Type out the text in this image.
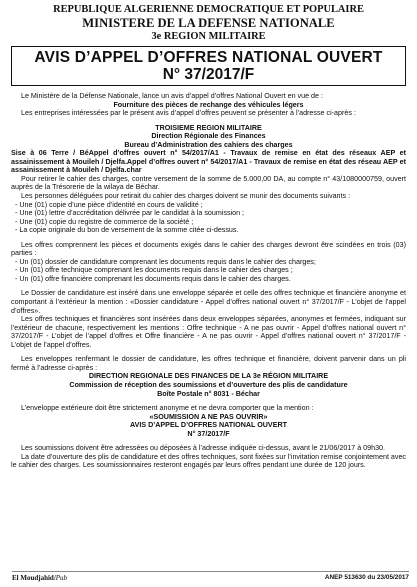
REPUBLIQUE ALGERIENNE DEMOCRATIQUE ET POPULAIRE
MINISTERE DE LA DEFENSE NATIONALE
3e REGION MILITAIRE
AVIS D’APPEL D’OFFRES NATIONAL OUVERT
N° 37/2017/F

Le Ministère de la Défense Nationale, lance un avis d’appel d’offres National Ouvert en vue de :

Fourniture des pièces de rechange des véhicules légers

Les entreprises intéressées par le présent avis d’appel d’offres peuvent se présenter à l’adresse ci-après :

TROISIEME REGION MILITAIRE

Direction Régionale des Finances

Bureau d’Administration des cahiers des charges

Sise à 06 Terre / BéAppel d’offres ouvert n° 54/2017/A1 - Travaux de remise en état des réseaux AEP et assainissement à Mouileh / Djelfa.Appel d’offres ouvert n° 54/2017/A1 - Travaux de remise en état des réseau AEP et assainissement à Mouileh / Djelfa.char

Pour retirer le cahier des charges, contre versement de la somme de 5.000,00 DA, au compte n° 43/1080000759, ouvert auprès de la Trésorerie de la wilaya de Béchar.

Les personnes déléguées pour retirait du cahier des charges doivent se munir des documents suivants :

- Une (01) copie d’une pièce d’identité en cours de validité ;

- Une (01) lettre d’accréditation délivrée par le candidat à la soumission ;

- Une (01) copie du registre de commerce de la société ;

- La copie originale du bon de versement de la somme citée ci-dessus.

Les offres comprennent les pièces et documents exigés dans le cahier des charges devront être scindées en trois (03) parties :

- Un (01) dossier de candidature comprenant les documents requis dans le cahier des charges;

- Un (01) offre technique comprenant les documents requis dans le cahier des charges ;

- Un (01) offre financière comprenant les documents requis dans le cahier des charges.

Le Dossier de candidature est inséré dans une enveloppe séparée et celle des offres technique et financière anonyme et comportant à l’extérieur la mention : «Dossier candidature - Appel d’offres national ouvert n° 37/2017/F - L’objet de l’appel d’offres».

Les offres techniques et financières sont insérées dans deux enveloppes séparées, anonymes et fermées, indiquant sur l’extérieur de chacune, respectivement les mentions : Offre technique - A ne pas ouvrir - Appel d’offres national ouvert n° 37/2017/F - L’objet de l’appel d’offres et Offre financière - A ne pas ouvrir - Appel d’offres national ouvert n° 37/2017/F - L’objet de l’appel d’offres.

Les enveloppes renfermant le dossier de candidature, les offres technique et financière, doivent parvenir dans un pli fermé à l’adresse ci-après :

DIRECTION REGIONALE DES FINANCES DE LA 3e RÉGION MILITAIRE

Commission de réception des soumissions et d’ouverture des plis de candidature

Boîte Postale n° 8031 - Béchar

L’enveloppe extérieure doit être strictement anonyme et ne devra comporter que la mention :

«SOUMISSION A NE PAS OUVRIR»

AVIS D’APPEL D’OFFRES NATIONAL OUVERT

N° 37/2017/F

Les soumissions doivent être adressées ou déposées à l’adresse indiquée ci-dessus, avant le 21/06/2017 à 09h30.

La date d’ouverture des plis de candidature et des offres techniques, sont fixées sur l’invitation remise conjointement avec le cahier des charges. Les soumissionnaires resteront engagés par leurs offres pendant une durée de 120 jours.

El Moudjahid/Pub	ANEP 513630 du 23/05/2017
